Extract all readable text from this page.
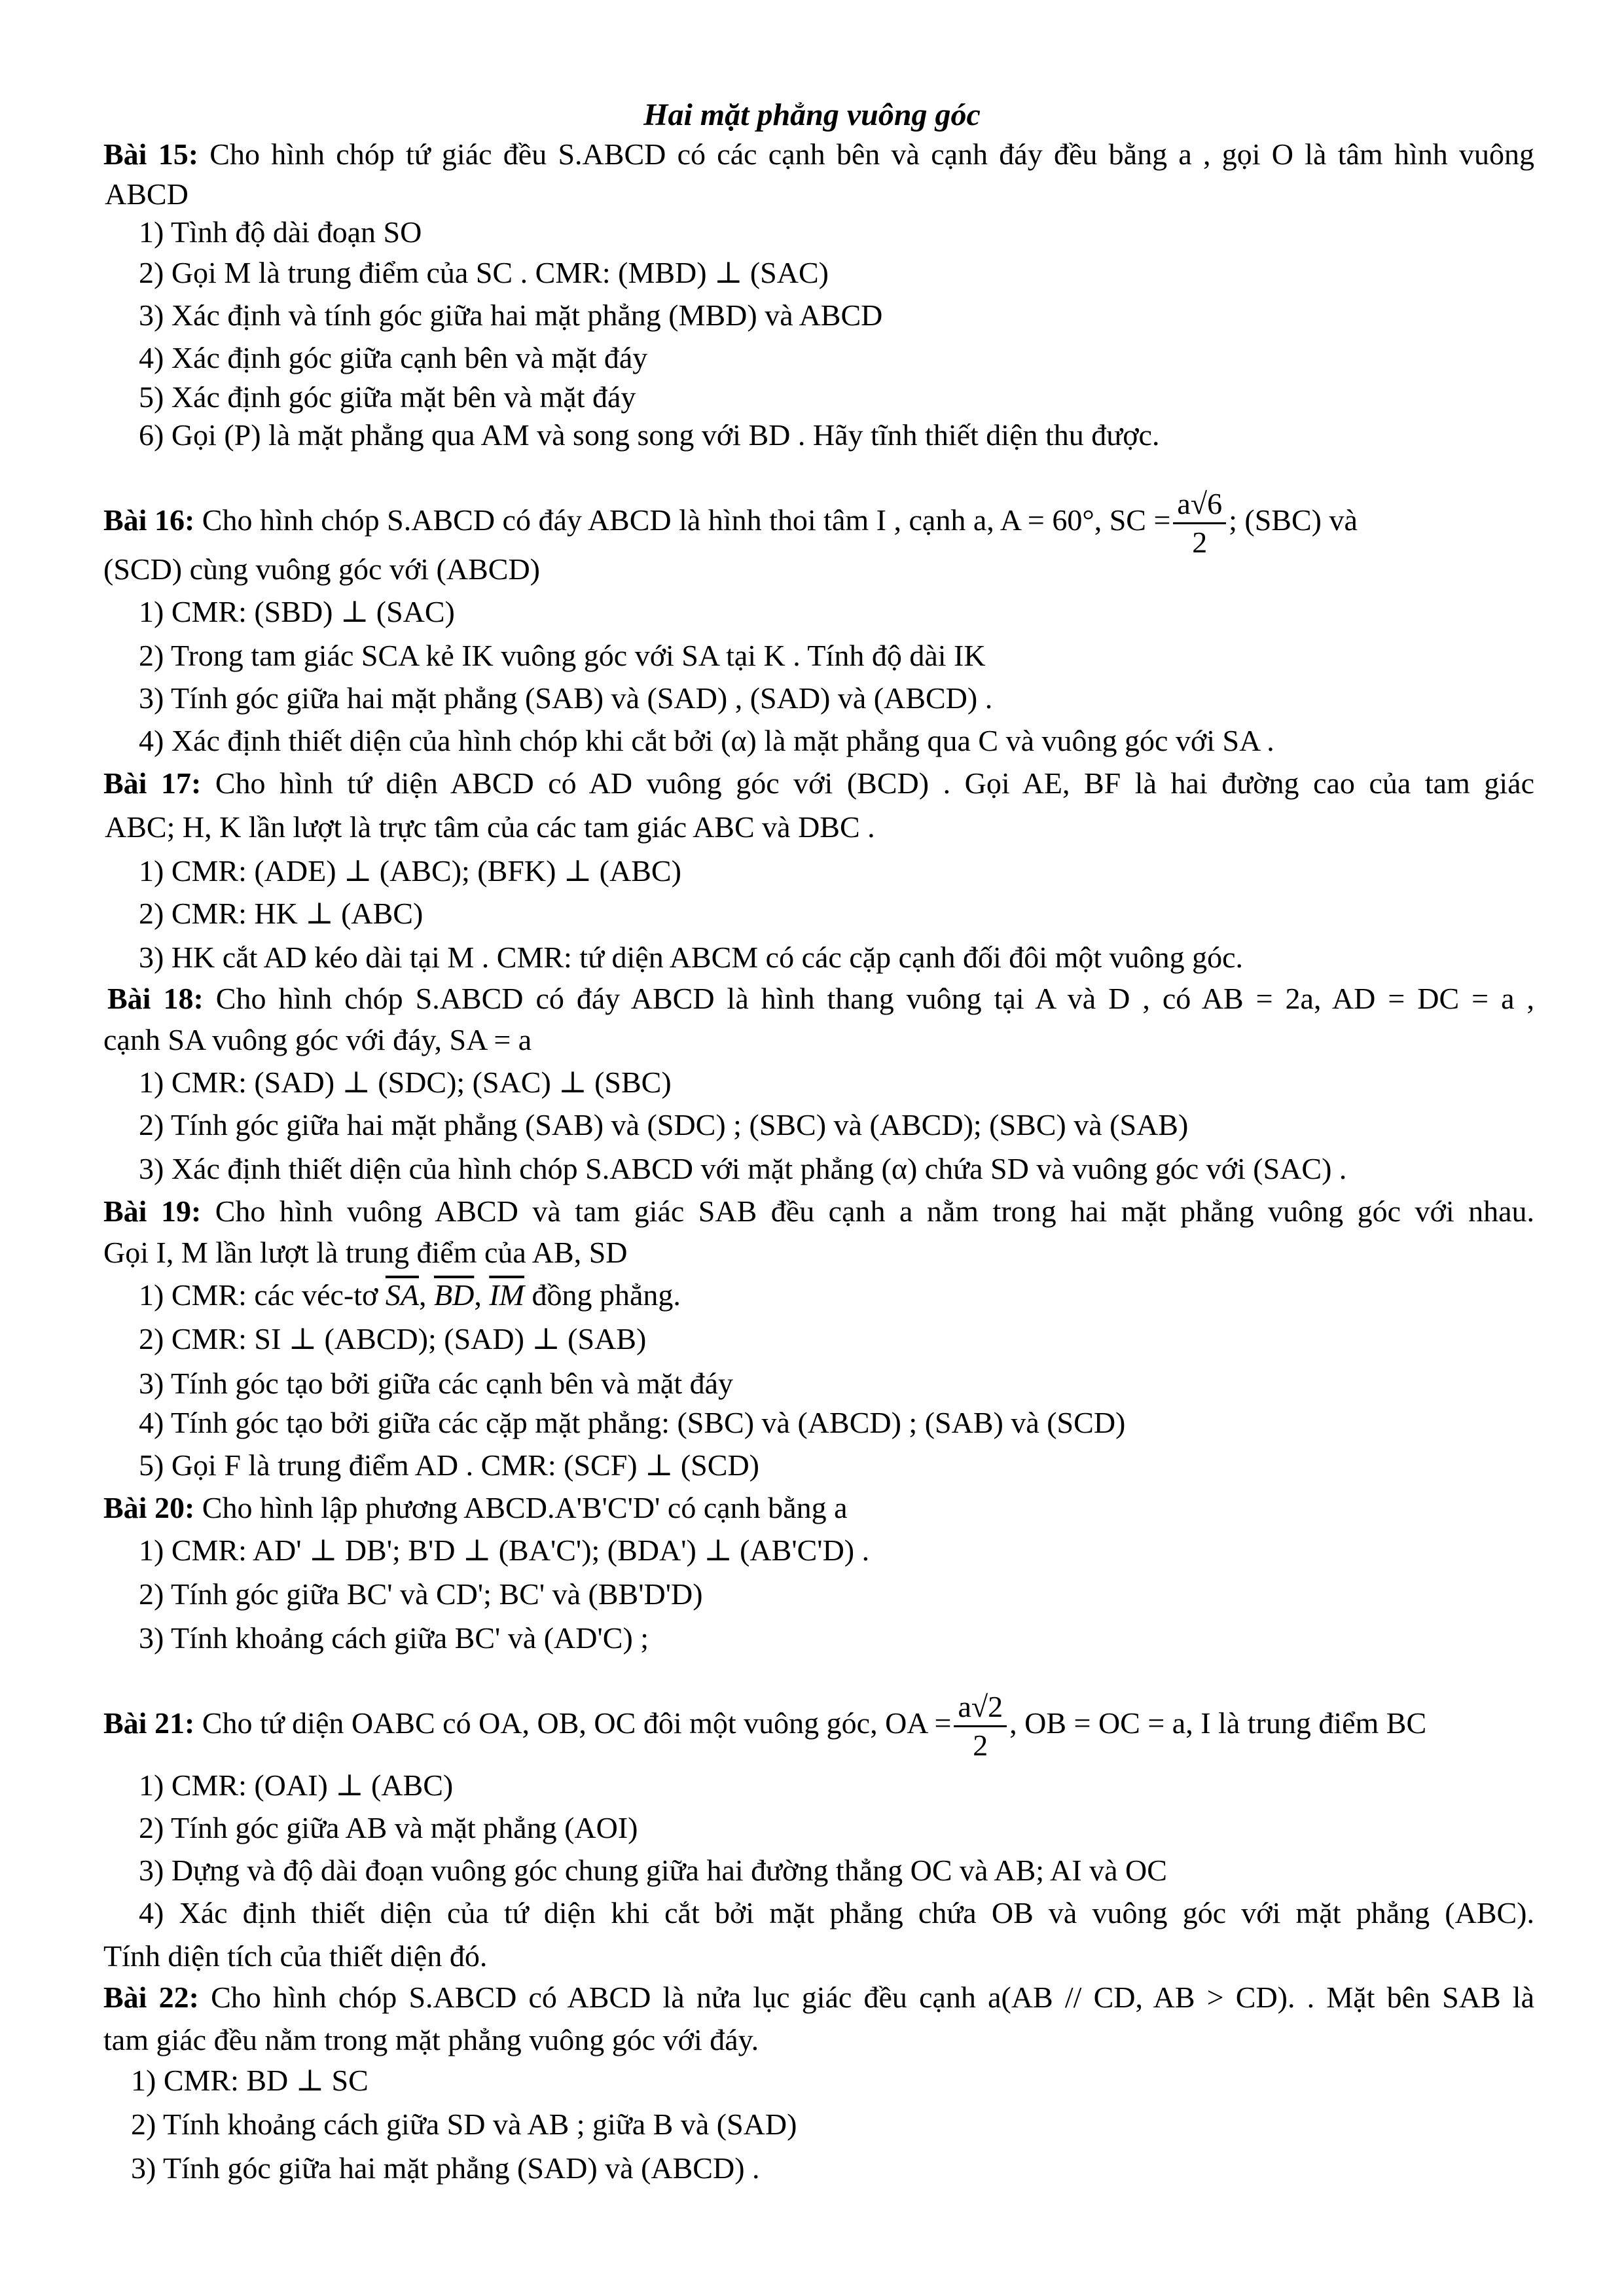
Hai mặt phẳng vuông góc
Bài 15: Cho hình chóp tứ giác đều S.ABCD có các cạnh bên và cạnh đáy đều bằng a , gọi O là tâm hình vuông
ABCD
1) Tình độ dài đoạn SO
2) Gọi M là trung điểm của SC . CMR: (MBD) ⊥ (SAC)
3) Xác định và tính góc giữa hai mặt phẳng (MBD) và ABCD
4) Xác định góc giữa cạnh bên và mặt đáy
5) Xác định góc giữa mặt bên và mặt đáy
6) Gọi (P) là mặt phẳng qua AM và song song với BD . Hãy tĩnh thiết diện thu được.
Bài 16: Cho hình chóp S.ABCD có đáy ABCD là hình thoi tâm I , cạnh a, A = 60°, SC = $\frac{a√6}{2}$ ; (SBC) và
(SCD) cùng vuông góc với (ABCD)
1) CMR: (SBD) ⊥ (SAC)
2) Trong tam giác SCA kẻ IK vuông góc với SA tại K . Tính độ dài IK
3) Tính góc giữa hai mặt phẳng (SAB) và (SAD) , (SAD) và (ABCD) .
4) Xác định thiết diện của hình chóp khi cắt bởi (α) là mặt phẳng qua C và vuông góc với SA .
Bài 17: Cho hình tứ diện ABCD có AD vuông góc với (BCD) . Gọi AE, BF là hai đường cao của tam giác
ABC; H, K lần lượt là trực tâm của các tam giác ABC và DBC .
1) CMR: (ADE) ⊥ (ABC); (BFK) ⊥ (ABC)
2) CMR: HK ⊥ (ABC)
3) HK cắt AD kéo dài tại M . CMR: tứ diện ABCM có các cặp cạnh đối đôi một vuông góc.
Bài 18: Cho hình chóp S.ABCD có đáy ABCD là hình thang vuông tại A và D , có AB = 2a, AD = DC = a ,
cạnh SA vuông góc với đáy, SA = a
1) CMR: (SAD) ⊥ (SDC); (SAC) ⊥ (SBC)
2) Tính góc giữa hai mặt phẳng (SAB) và (SDC) ; (SBC) và (ABCD); (SBC) và (SAB)
3) Xác định thiết diện của hình chóp S.ABCD với mặt phẳng (α) chứa SD và vuông góc với (SAC) .
Bài 19: Cho hình vuông ABCD và tam giác SAB đều cạnh a nằm trong hai mặt phẳng vuông góc với nhau.
Gọi I, M lần lượt là trung điểm của AB, SD
1) CMR: các véc-tơ $\overline{SA}$, $\overline{BD}$, $\overline{IM}$ đồng phẳng.
2) CMR: SI ⊥ (ABCD); (SAD) ⊥ (SAB)
3) Tính góc tạo bởi giữa các cạnh bên và mặt đáy
4) Tính góc tạo bởi giữa các cặp mặt phẳng: (SBC) và (ABCD) ; (SAB) và (SCD)
5) Gọi F là trung điểm AD . CMR: (SCF) ⊥ (SCD)
Bài 20: Cho hình lập phương ABCD.A'B'C'D' có cạnh bằng a
1) CMR: AD' ⊥ DB'; B'D ⊥ (BA'C'); (BDA') ⊥ (AB'C'D) .
2) Tính góc giữa BC' và CD'; BC' và (BB'D'D)
3) Tính khoảng cách giữa BC' và (AD'C) ;
Bài 21: Cho tứ diện OABC có OA, OB, OC đôi một vuông góc, OA = $\frac{a√2}{2}$ , OB = OC = a, I là trung điểm BC
1) CMR: (OAI) ⊥ (ABC)
2) Tính góc giữa AB và mặt phẳng (AOI)
3) Dựng và độ dài đoạn vuông góc chung giữa hai đường thẳng OC và AB; AI và OC
4) Xác định thiết diện của tứ diện khi cắt bởi mặt phẳng chứa OB và vuông góc với mặt phẳng (ABC).
Tính diện tích của thiết diện đó.
Bài 22: Cho hình chóp S.ABCD có ABCD là nửa lục giác đều cạnh a(AB // CD, AB > CD). . Mặt bên SAB là
tam giác đều nằm trong mặt phẳng vuông góc với đáy.
1) CMR: BD ⊥ SC
2) Tính khoảng cách giữa SD và AB ; giữa B và (SAD)
3) Tính góc giữa hai mặt phẳng (SAD) và (ABCD) .
